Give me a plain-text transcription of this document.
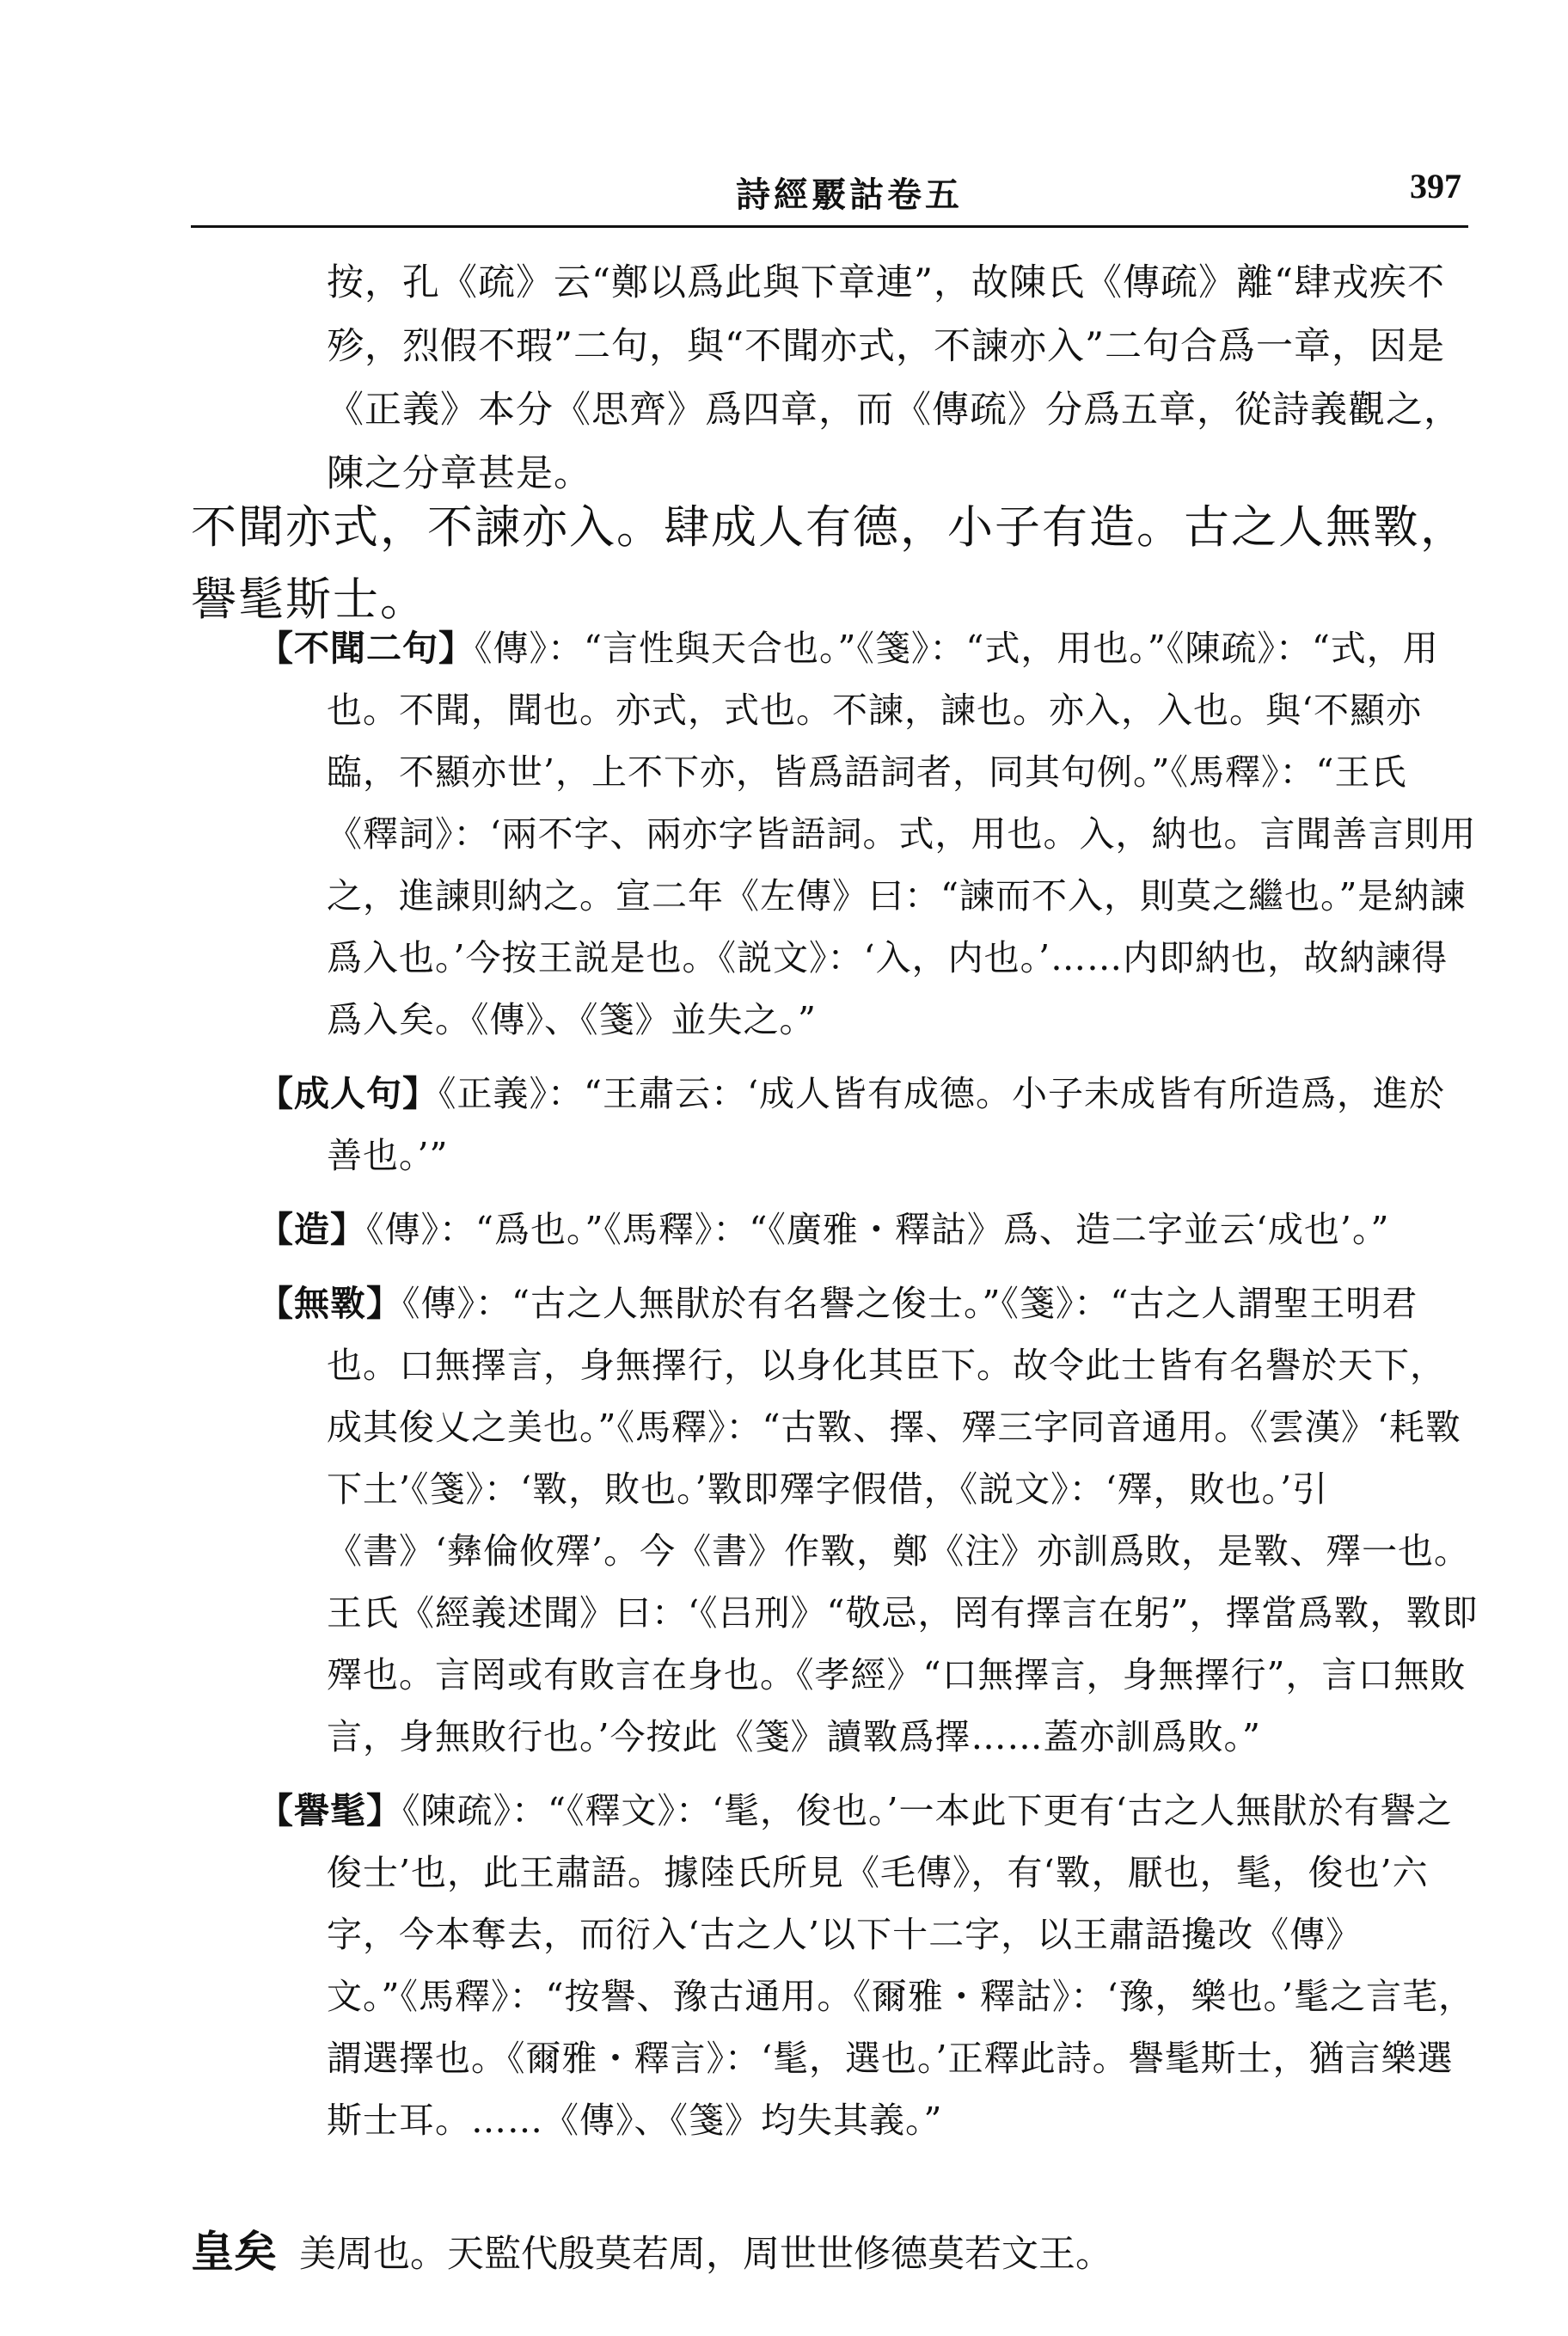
詩經覈詁卷五	397

按，孔《疏》云“鄭以爲此與下章連”，故陳氏《傳疏》離“肆戎疾不殄，烈假不瑕”二句，與“不聞亦式，不諫亦入”二句合爲一章，因是《正義》本分《思齊》爲四章，而《傳疏》分爲五章，從詩義觀之，陳之分章甚是。

不聞亦式，不諫亦入。肆成人有德，小子有造。古之人無斁，譽髦斯士。

【不聞二句】《傳》：“言性與天合也。”《箋》：“式，用也。”《陳疏》：“式，用也。不聞，聞也。亦式，式也。不諫，諫也。亦入，入也。與‘不顯亦臨，不顯亦世’，上不下亦，皆爲語詞者，同其句例。”《馬釋》：“王氏《釋詞》：‘兩不字、兩亦字皆語詞。式，用也。入，納也。言聞善言則用之，進諫則納之。宣二年《左傳》曰：“諫而不入，則莫之繼也。”是納諫爲入也。’今按王説是也。《説文》：‘入，内也。’……内即納也，故納諫得爲入矣。《傳》、《箋》並失之。”

【成人句】《正義》：“王肅云：‘成人皆有成德。小子未成皆有所造爲，進於善也。’”

【造】《傳》：“爲也。”《馬釋》：“《廣雅・釋詁》爲、造二字並云‘成也’。”

【無斁】《傳》：“古之人無猒於有名譽之俊士。”《箋》：“古之人謂聖王明君也。口無擇言，身無擇行，以身化其臣下。故令此士皆有名譽於天下，成其俊乂之美也。”《馬釋》：“古斁、擇、殬三字同音通用。《雲漢》‘耗斁下土’《箋》：‘斁，敗也。’斁即殬字假借，《説文》：‘殬，敗也。’引《書》‘彝倫攸殬’。今《書》作斁，鄭《注》亦訓爲敗，是斁、殬一也。王氏《經義述聞》曰：‘《吕刑》“敬忌，罔有擇言在躬”，擇當爲斁，斁即殬也。言罔或有敗言在身也。《孝經》“口無擇言，身無擇行”，言口無敗言，身無敗行也。’今按此《箋》讀斁爲擇……蓋亦訓爲敗。”

【譽髦】《陳疏》：“《釋文》：‘髦，俊也。’一本此下更有‘古之人無猒於有譽之俊士’也，此王肅語。據陸氏所見《毛傳》，有‘斁，厭也，髦，俊也’六字，今本奪去，而衍入‘古之人’以下十二字，以王肅語攙改《傳》文。”《馬釋》：“按譽、豫古通用。《爾雅・釋詁》：‘豫，樂也。’髦之言芼，謂選擇也。《爾雅・釋言》：‘髦，選也。’正釋此詩。譽髦斯士，猶言樂選斯士耳。……《傳》、《箋》均失其義。”

皇矣 美周也。天監代殷莫若周，周世世修德莫若文王。
